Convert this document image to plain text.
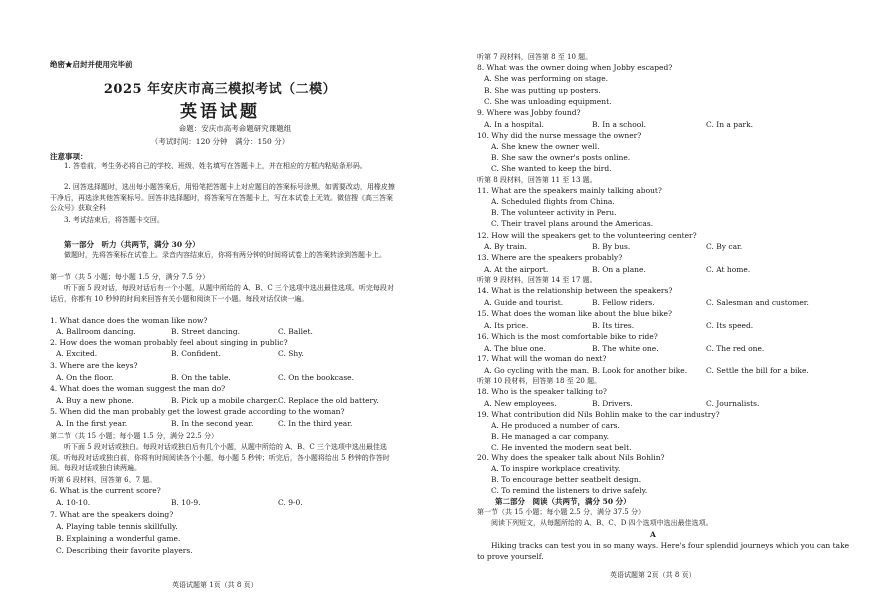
绝密★启封并使用完毕前
2025 年安庆市高三模拟考试（二模）
英语试题
命题：安庆市高考命题研究课题组
（考试时间：120 分钟　满分：150 分）
注意事项：
1. 答卷前，考生务必将自己的学校、班级、姓名填写在答题卡上，并在相应的方框内粘贴条形码。
2. 回答选择题时，选出每小题答案后，用铅笔把答题卡上对应题目的答案标号涂黑，如需要改动，用橡皮擦干净后，再选涂其他答案标号。回答非选择题时，将答案写在答题卡上，写在本试卷上无效。微信搜《高三答案公众号》获取全科
3. 考试结束后，将答题卡交回。
第一部分　听力（共两节，满分 30 分）
做题时，先将答案标在试卷上。录音内容结束后，你将有两分钟的时间将试卷上的答案转涂到答题卡上。
第一节（共 5 小题；每小题 1.5 分，满分 7.5 分）
听下面 5 段对话，每段对话后有一个小题，从题中所给的 A、B、C 三个选项中选出最佳选项。听完每段对话后，你都有 10 秒钟的时间来回答有关小题和阅读下一小题。每段对话仅读一遍。
1. What dance does the woman like now?
A. Ballroom dancing.	B. Street dancing.	C. Ballet.
2. How does the woman probably feel about singing in public?
A. Excited.	B. Confident.	C. Shy.
3. Where are the keys?
A. On the floor.	B. On the table.	C. On the bookcase.
4. What does the woman suggest the man do?
A. Buy a new phone.	B. Pick up a mobile charger. C. Replace the old battery.
5. When did the man probably get the lowest grade according to the woman?
A. In the first year.	B. In the second year.	C. In the third year.
第二节（共 15 小题；每小题 1.5 分，满分 22.5 分）
听下面 5 段对话或独白。每段对话或独白后有几个小题，从题中所给的 A、B、C 三个选项中选出最佳选项。听每段对话或独白前，你将有时间阅读各个小题，每小题 5 秒钟；听完后，各小题将给出 5 秒钟的作答时间。每段对话或独白读两遍。
听第 6 段材料，回答第 6、7 题。
6. What is the current score?
A. 10-10.	B. 10-9.	C. 9-0.
7. What are the speakers doing?
A. Playing table tennis skillfully.
B. Explaining a wonderful game.
C. Describing their favorite players.
英语试题第 1页（共 8 页）
听第 7 段材料，回答第 8 至 10 题。
8. What was the owner doing when Jobby escaped?
A. She was performing on stage.
B. She was putting up posters.
C. She was unloading equipment.
9. Where was Jobby found?
A. In a hospital.	B. In a school.	C. In a park.
10. Why did the nurse message the owner?
A. She knew the owner well.
B. She saw the owner's posts online.
C. She wanted to keep the bird.
听第 8 段材料，回答第 11 至 13 题。
11. What are the speakers mainly talking about?
A. Scheduled flights from China.
B. The volunteer activity in Peru.
C. Their travel plans around the Americas.
12. How will the speakers get to the volunteering center?
A. By train.	B. By bus.	C. By car.
13. Where are the speakers probably?
A. At the airport.	B. On a plane.	C. At home.
听第 9 段材料，回答第 14 至 17 题。
14. What is the relationship between the speakers?
A. Guide and tourist.	B. Fellow riders.	C. Salesman and customer.
15. What does the woman like about the blue bike?
A. Its price.	B. Its tires.	C. Its speed.
16. Which is the most comfortable bike to ride?
A. The blue one.	B. The white one.	C. The red one.
17. What will the woman do next?
A. Go cycling with the man. B. Look for another bike.	C. Settle the bill for a bike.
听第 10 段材料，回答第 18 至 20 题。
18. Who is the speaker talking to?
A. New employees.	B. Drivers.	C. Journalists.
19. What contribution did Nils Bohlin make to the car industry?
A. He produced a number of cars.
B. He managed a car company.
C. He invented the modern seat belt.
20. Why does the speaker talk about Nils Bohlin?
A. To inspire workplace creativity.
B. To encourage better seatbelt design.
C. To remind the listeners to drive safely.
第二部分　阅读（共两节，满分 50 分）
第一节（共 15 小题；每小题 2.5 分，满分 37.5 分）
阅读下列短文，从每题所给的 A、B、C、D 四个选项中选出最佳选项。
A
Hiking tracks can test you in so many ways. Here's four splendid journeys which you can take
to prove yourself.
英语试题第 2页（共 8 页）
